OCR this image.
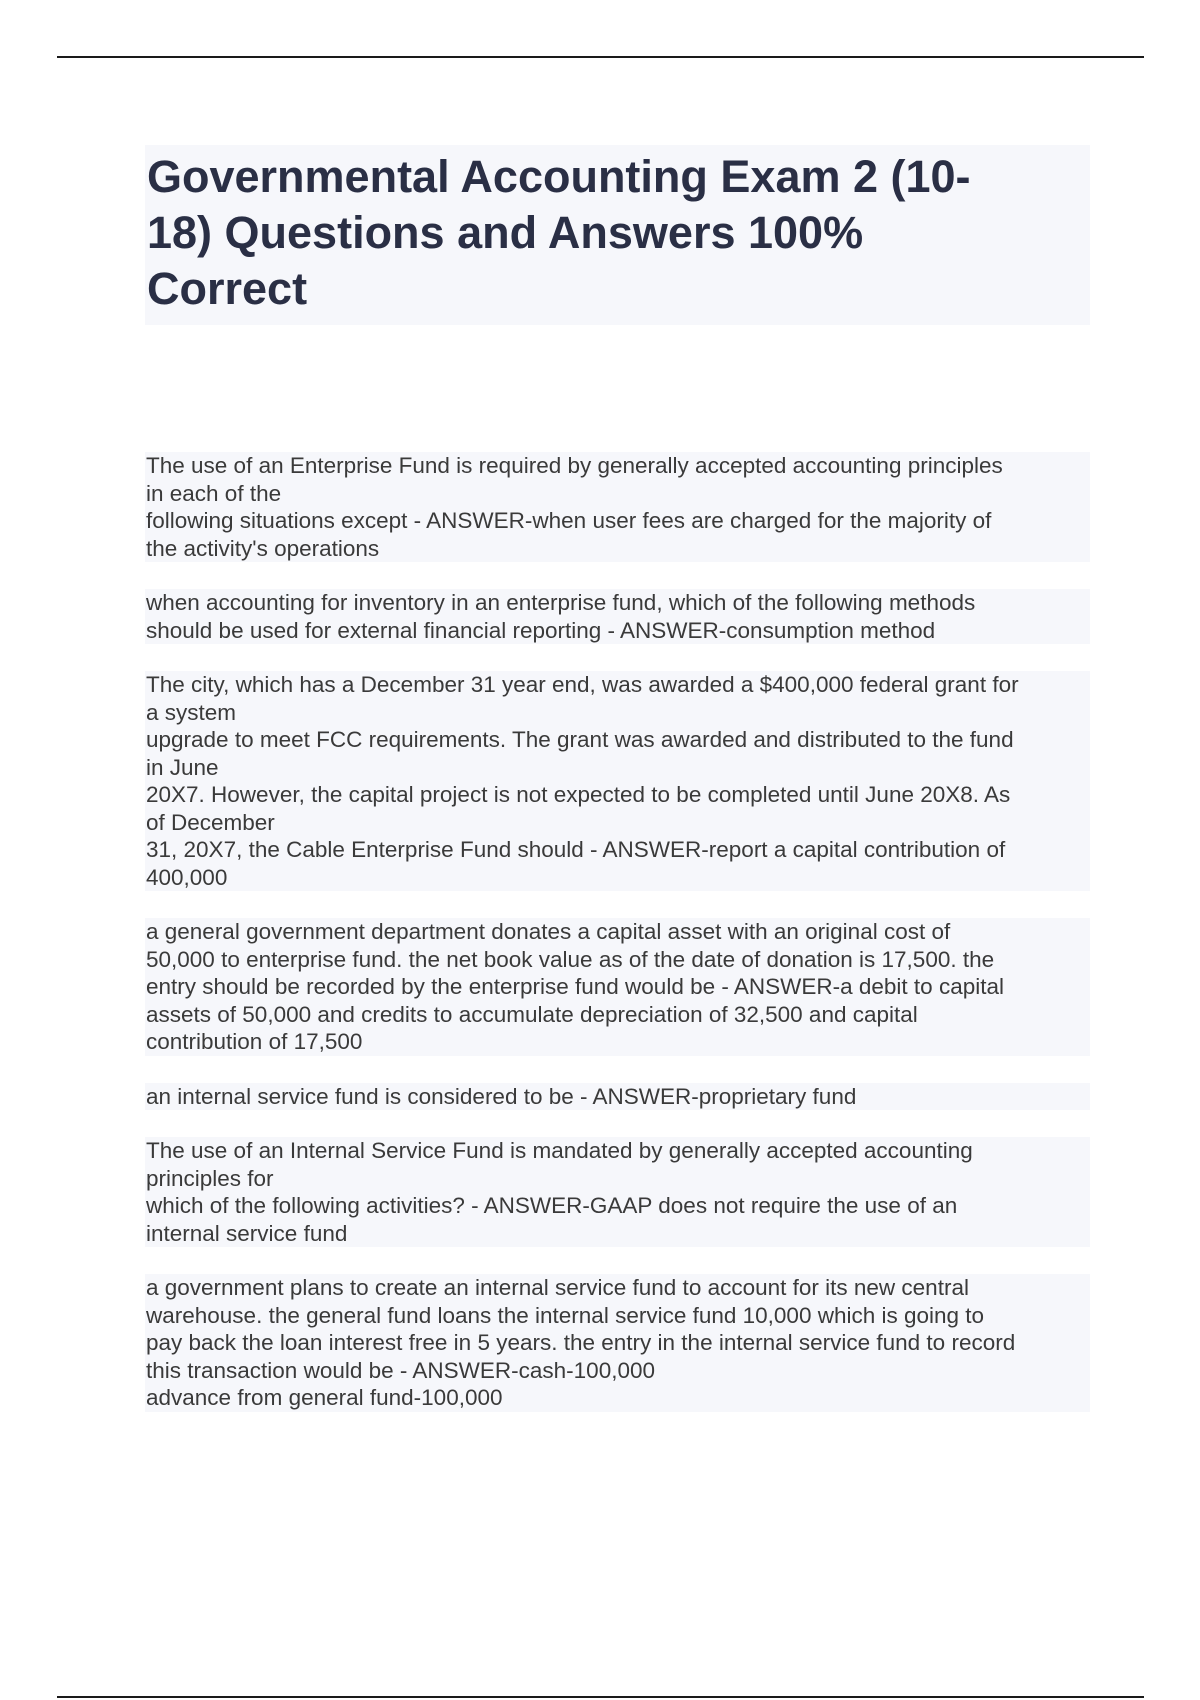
Governmental Accounting Exam 2 (10-
18) Questions and Answers 100%
Correct
The use of an Enterprise Fund is required by generally accepted accounting principles
in each of the
following situations except - ANSWER-when user fees are charged for the majority of
the activity's operations
when accounting for inventory in an enterprise fund, which of the following methods
should be used for external financial reporting - ANSWER-consumption method
The city, which has a December 31 year end, was awarded a $400,000 federal grant for
a system
upgrade to meet FCC requirements. The grant was awarded and distributed to the fund
in June
20X7. However, the capital project is not expected to be completed until June 20X8. As
of December
31, 20X7, the Cable Enterprise Fund should - ANSWER-report a capital contribution of
400,000
a general government department donates a capital asset with an original cost of
50,000 to enterprise fund. the net book value as of the date of donation is 17,500. the
entry should be recorded by the enterprise fund would be - ANSWER-a debit to capital
assets of 50,000 and credits to accumulate depreciation of 32,500 and capital
contribution of 17,500
an internal service fund is considered to be - ANSWER-proprietary fund
The use of an Internal Service Fund is mandated by generally accepted accounting
principles for
which of the following activities? - ANSWER-GAAP does not require the use of an
internal service fund
a government plans to create an internal service fund to account for its new central
warehouse. the general fund loans the internal service fund 10,000 which is going to
pay back the loan interest free in 5 years. the entry in the internal service fund to record
this transaction would be - ANSWER-cash-100,000
advance from general fund-100,000
